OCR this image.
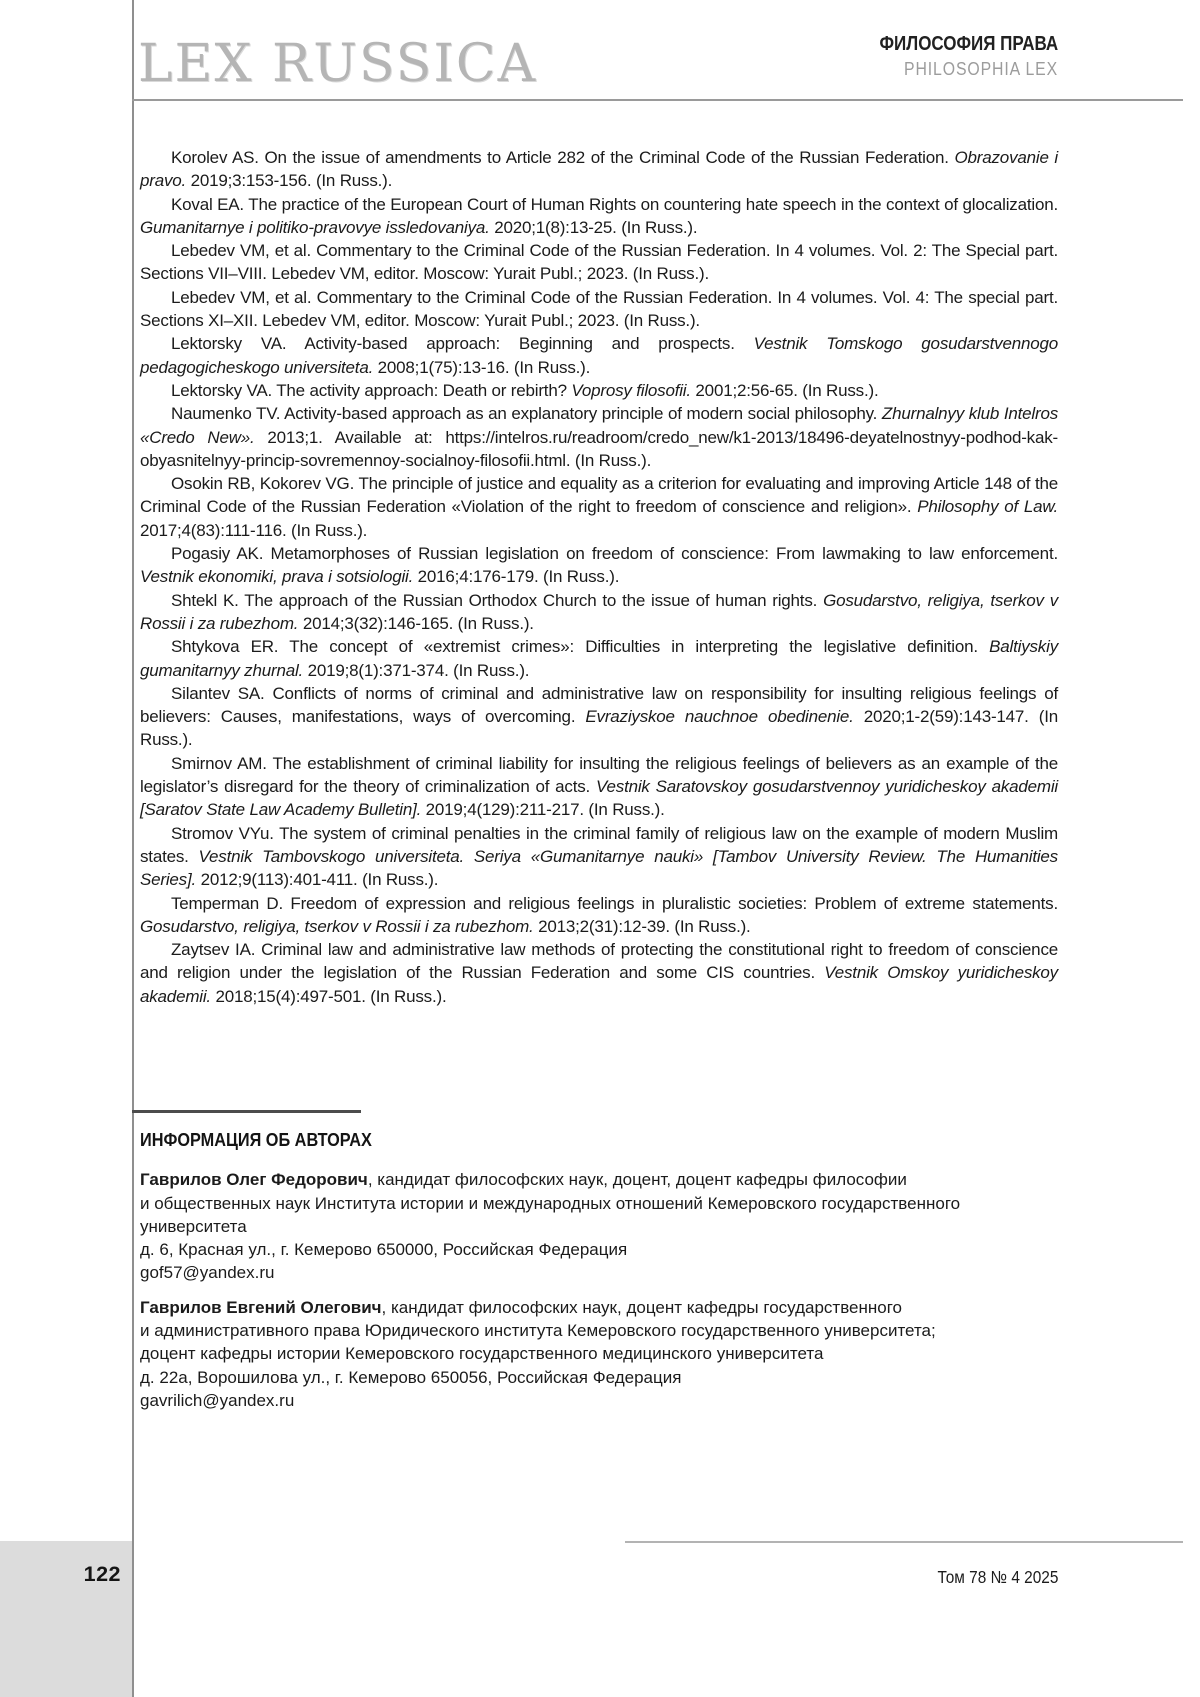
LEX RUSSICA	ФИЛОСОФИЯ ПРАВА
PHILOSOPHIA LEX

Korolev AS. On the issue of amendments to Article 282 of the Criminal Code of the Russian Federation. Obrazovanie i pravo. 2019;3:153-156. (In Russ.).

Koval EA. The practice of the European Court of Human Rights on countering hate speech in the context of glocalization. Gumanitarnye i politiko-pravovye issledovaniya. 2020;1(8):13-25. (In Russ.).

Lebedev VM, et al. Commentary to the Criminal Code of the Russian Federation. In 4 volumes. Vol. 2: The Special part. Sections VII–VIII. Lebedev VM, editor. Moscow: Yurait Publ.; 2023. (In Russ.).

Lebedev VM, et al. Commentary to the Criminal Code of the Russian Federation. In 4 volumes. Vol. 4: The special part. Sections XI–XII. Lebedev VM, editor. Moscow: Yurait Publ.; 2023. (In Russ.).

Lektorsky VA. Activity-based approach: Beginning and prospects. Vestnik Tomskogo gosudarstvennogo pedagogicheskogo universiteta. 2008;1(75):13-16. (In Russ.).

Lektorsky VA. The activity approach: Death or rebirth? Voprosy filosofii. 2001;2:56-65. (In Russ.).

Naumenko TV. Activity-based approach as an explanatory principle of modern social philosophy. Zhurnalnyy klub Intelros «Credo New». 2013;1. Available at: https://intelros.ru/readroom/credo_new/k1-2013/18496-deyatelnostnyy-podhod-kak-obyasnitelnyy-princip-sovremennoy-socialnoy-filosofii.html. (In Russ.).

Osokin RB, Kokorev VG. The principle of justice and equality as a criterion for evaluating and improving Article 148 of the Criminal Code of the Russian Federation «Violation of the right to freedom of conscience and religion». Philosophy of Law. 2017;4(83):111-116. (In Russ.).

Pogasiy AK. Metamorphoses of Russian legislation on freedom of conscience: From lawmaking to law enforcement. Vestnik ekonomiki, prava i sotsiologii. 2016;4:176-179. (In Russ.).

Shtekl K. The approach of the Russian Orthodox Church to the issue of human rights. Gosudarstvo, religiya, tserkov v Rossii i za rubezhom. 2014;3(32):146-165. (In Russ.).

Shtykova ER. The concept of «extremist crimes»: Difficulties in interpreting the legislative definition. Baltiyskiy gumanitarnyy zhurnal. 2019;8(1):371-374. (In Russ.).

Silantev SA. Conflicts of norms of criminal and administrative law on responsibility for insulting religious feelings of believers: Causes, manifestations, ways of overcoming. Evraziyskoe nauchnoe obedinenie. 2020;1-2(59):143-147. (In Russ.).

Smirnov AM. The establishment of criminal liability for insulting the religious feelings of believers as an example of the legislator’s disregard for the theory of criminalization of acts. Vestnik Saratovskoy gosudarstvennoy yuridicheskoy akademii [Saratov State Law Academy Bulletin]. 2019;4(129):211-217. (In Russ.).

Stromov VYu. The system of criminal penalties in the criminal family of religious law on the example of modern Muslim states. Vestnik Tambovskogo universiteta. Seriya «Gumanitarnye nauki» [Tambov University Review. The Humanities Series]. 2012;9(113):401-411. (In Russ.).

Temperman D. Freedom of expression and religious feelings in pluralistic societies: Problem of extreme statements. Gosudarstvo, religiya, tserkov v Rossii i za rubezhom. 2013;2(31):12-39. (In Russ.).

Zaytsev IA. Criminal law and administrative law methods of protecting the constitutional right to freedom of conscience and religion under the legislation of the Russian Federation and some CIS countries. Vestnik Omskoy yuridicheskoy akademii. 2018;15(4):497-501. (In Russ.).

ИНФОРМАЦИЯ ОБ АВТОРАХ
Гаврилов Олег Федорович, кандидат философских наук, доцент, доцент кафедры философии
и общественных наук Института истории и международных отношений Кемеровского государственного
университета
д. 6, Красная ул., г. Кемерово 650000, Российская Федерация
gof57@yandex.ru
Гаврилов Евгений Олегович, кандидат философских наук, доцент кафедры государственного
и административного права Юридического института Кемеровского государственного университета;
доцент кафедры истории Кемеровского государственного медицинского университета
д. 22а, Ворошилова ул., г. Кемерово 650056, Российская Федерация
gavrilich@yandex.ru
Том 78 № 4 2025
122
